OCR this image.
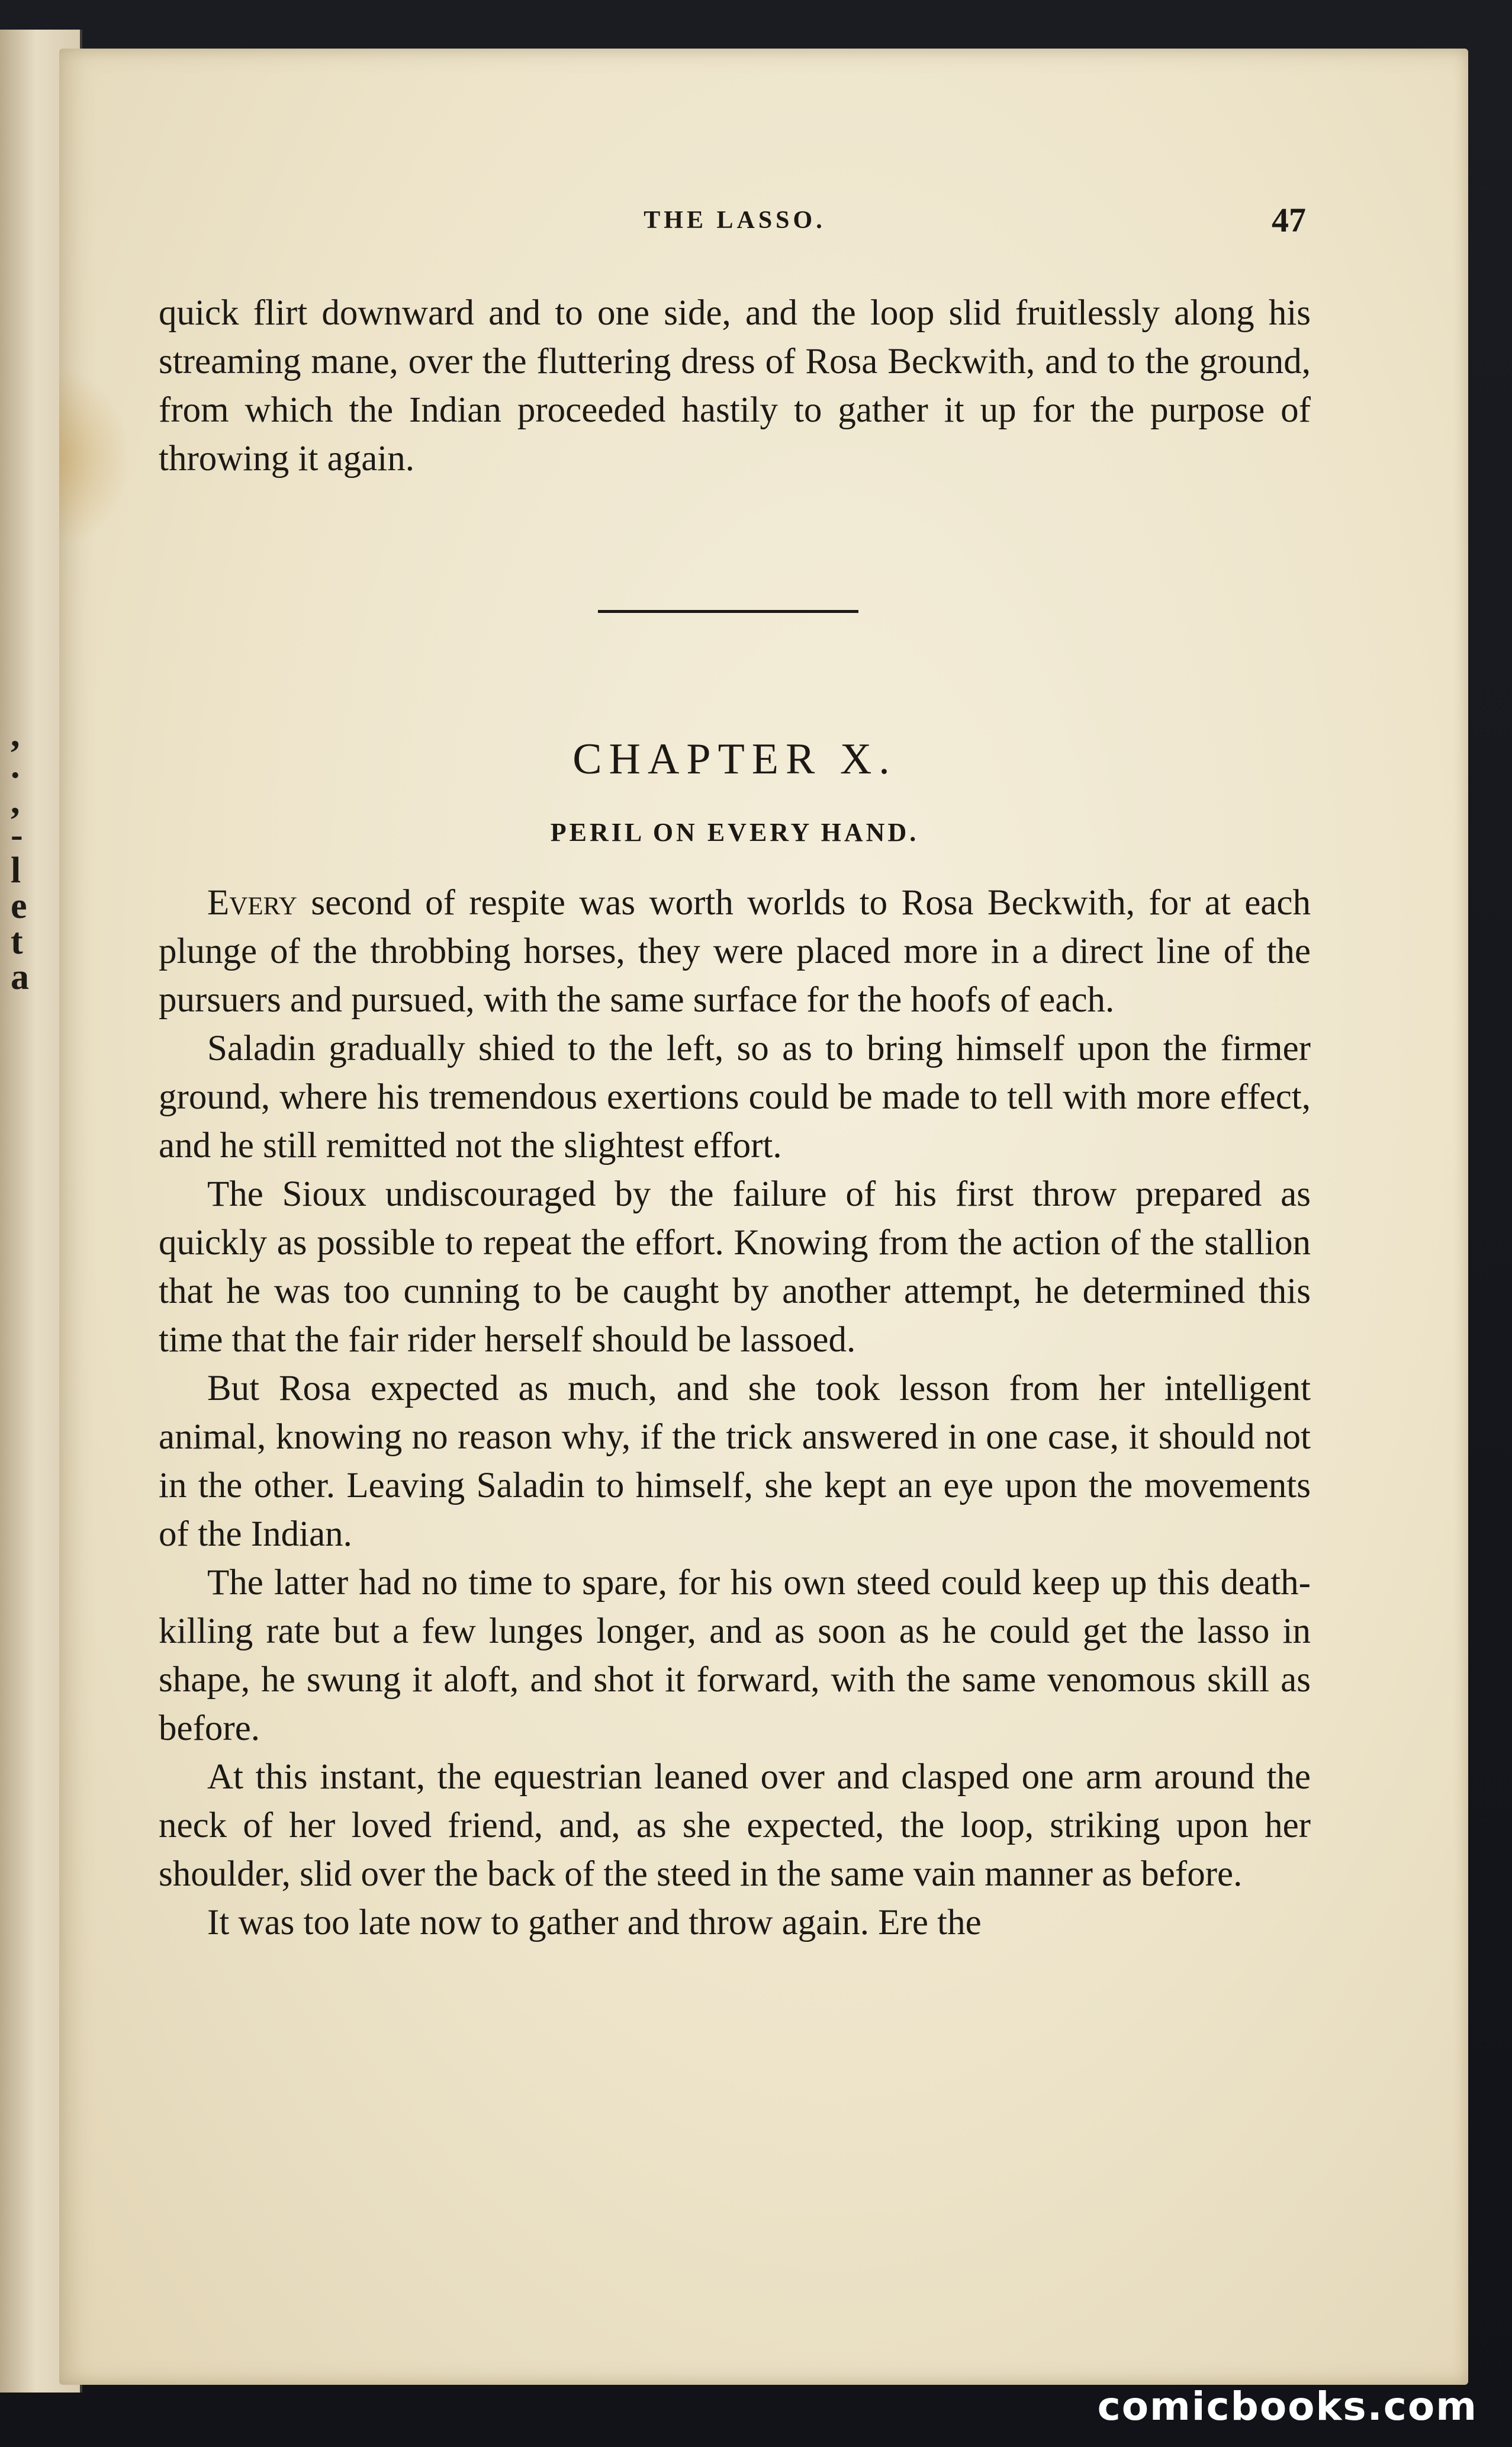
,
.
,
-
l
e
t
a
THE LASSO.	47

quick flirt downward and to one side, and the loop slid fruitlessly along his streaming mane, over the fluttering dress of Rosa Beckwith, and to the ground, from which the Indian proceeded hastily to gather it up for the purpose of throwing it again.

CHAPTER X.
PERIL ON EVERY HAND.

Every second of respite was worth worlds to Rosa Beckwith, for at each plunge of the throbbing horses, they were placed more in a direct line of the pursuers and pursued, with the same surface for the hoofs of each.

Saladin gradually shied to the left, so as to bring himself upon the firmer ground, where his tremendous exertions could be made to tell with more effect, and he still remitted not the slightest effort.

The Sioux undiscouraged by the failure of his first throw prepared as quickly as possible to repeat the effort. Knowing from the action of the stallion that he was too cunning to be caught by another attempt, he determined this time that the fair rider herself should be lassoed.

But Rosa expected as much, and she took lesson from her intelligent animal, knowing no reason why, if the trick answered in one case, it should not in the other. Leaving Saladin to himself, she kept an eye upon the movements of the Indian.

The latter had no time to spare, for his own steed could keep up this death-killing rate but a few lunges longer, and as soon as he could get the lasso in shape, he swung it aloft, and shot it forward, with the same venomous skill as before.

At this instant, the equestrian leaned over and clasped one arm around the neck of her loved friend, and, as she expected, the loop, striking upon her shoulder, slid over the back of the steed in the same vain manner as before.

It was too late now to gather and throw again. Ere the

comicbooks.com
